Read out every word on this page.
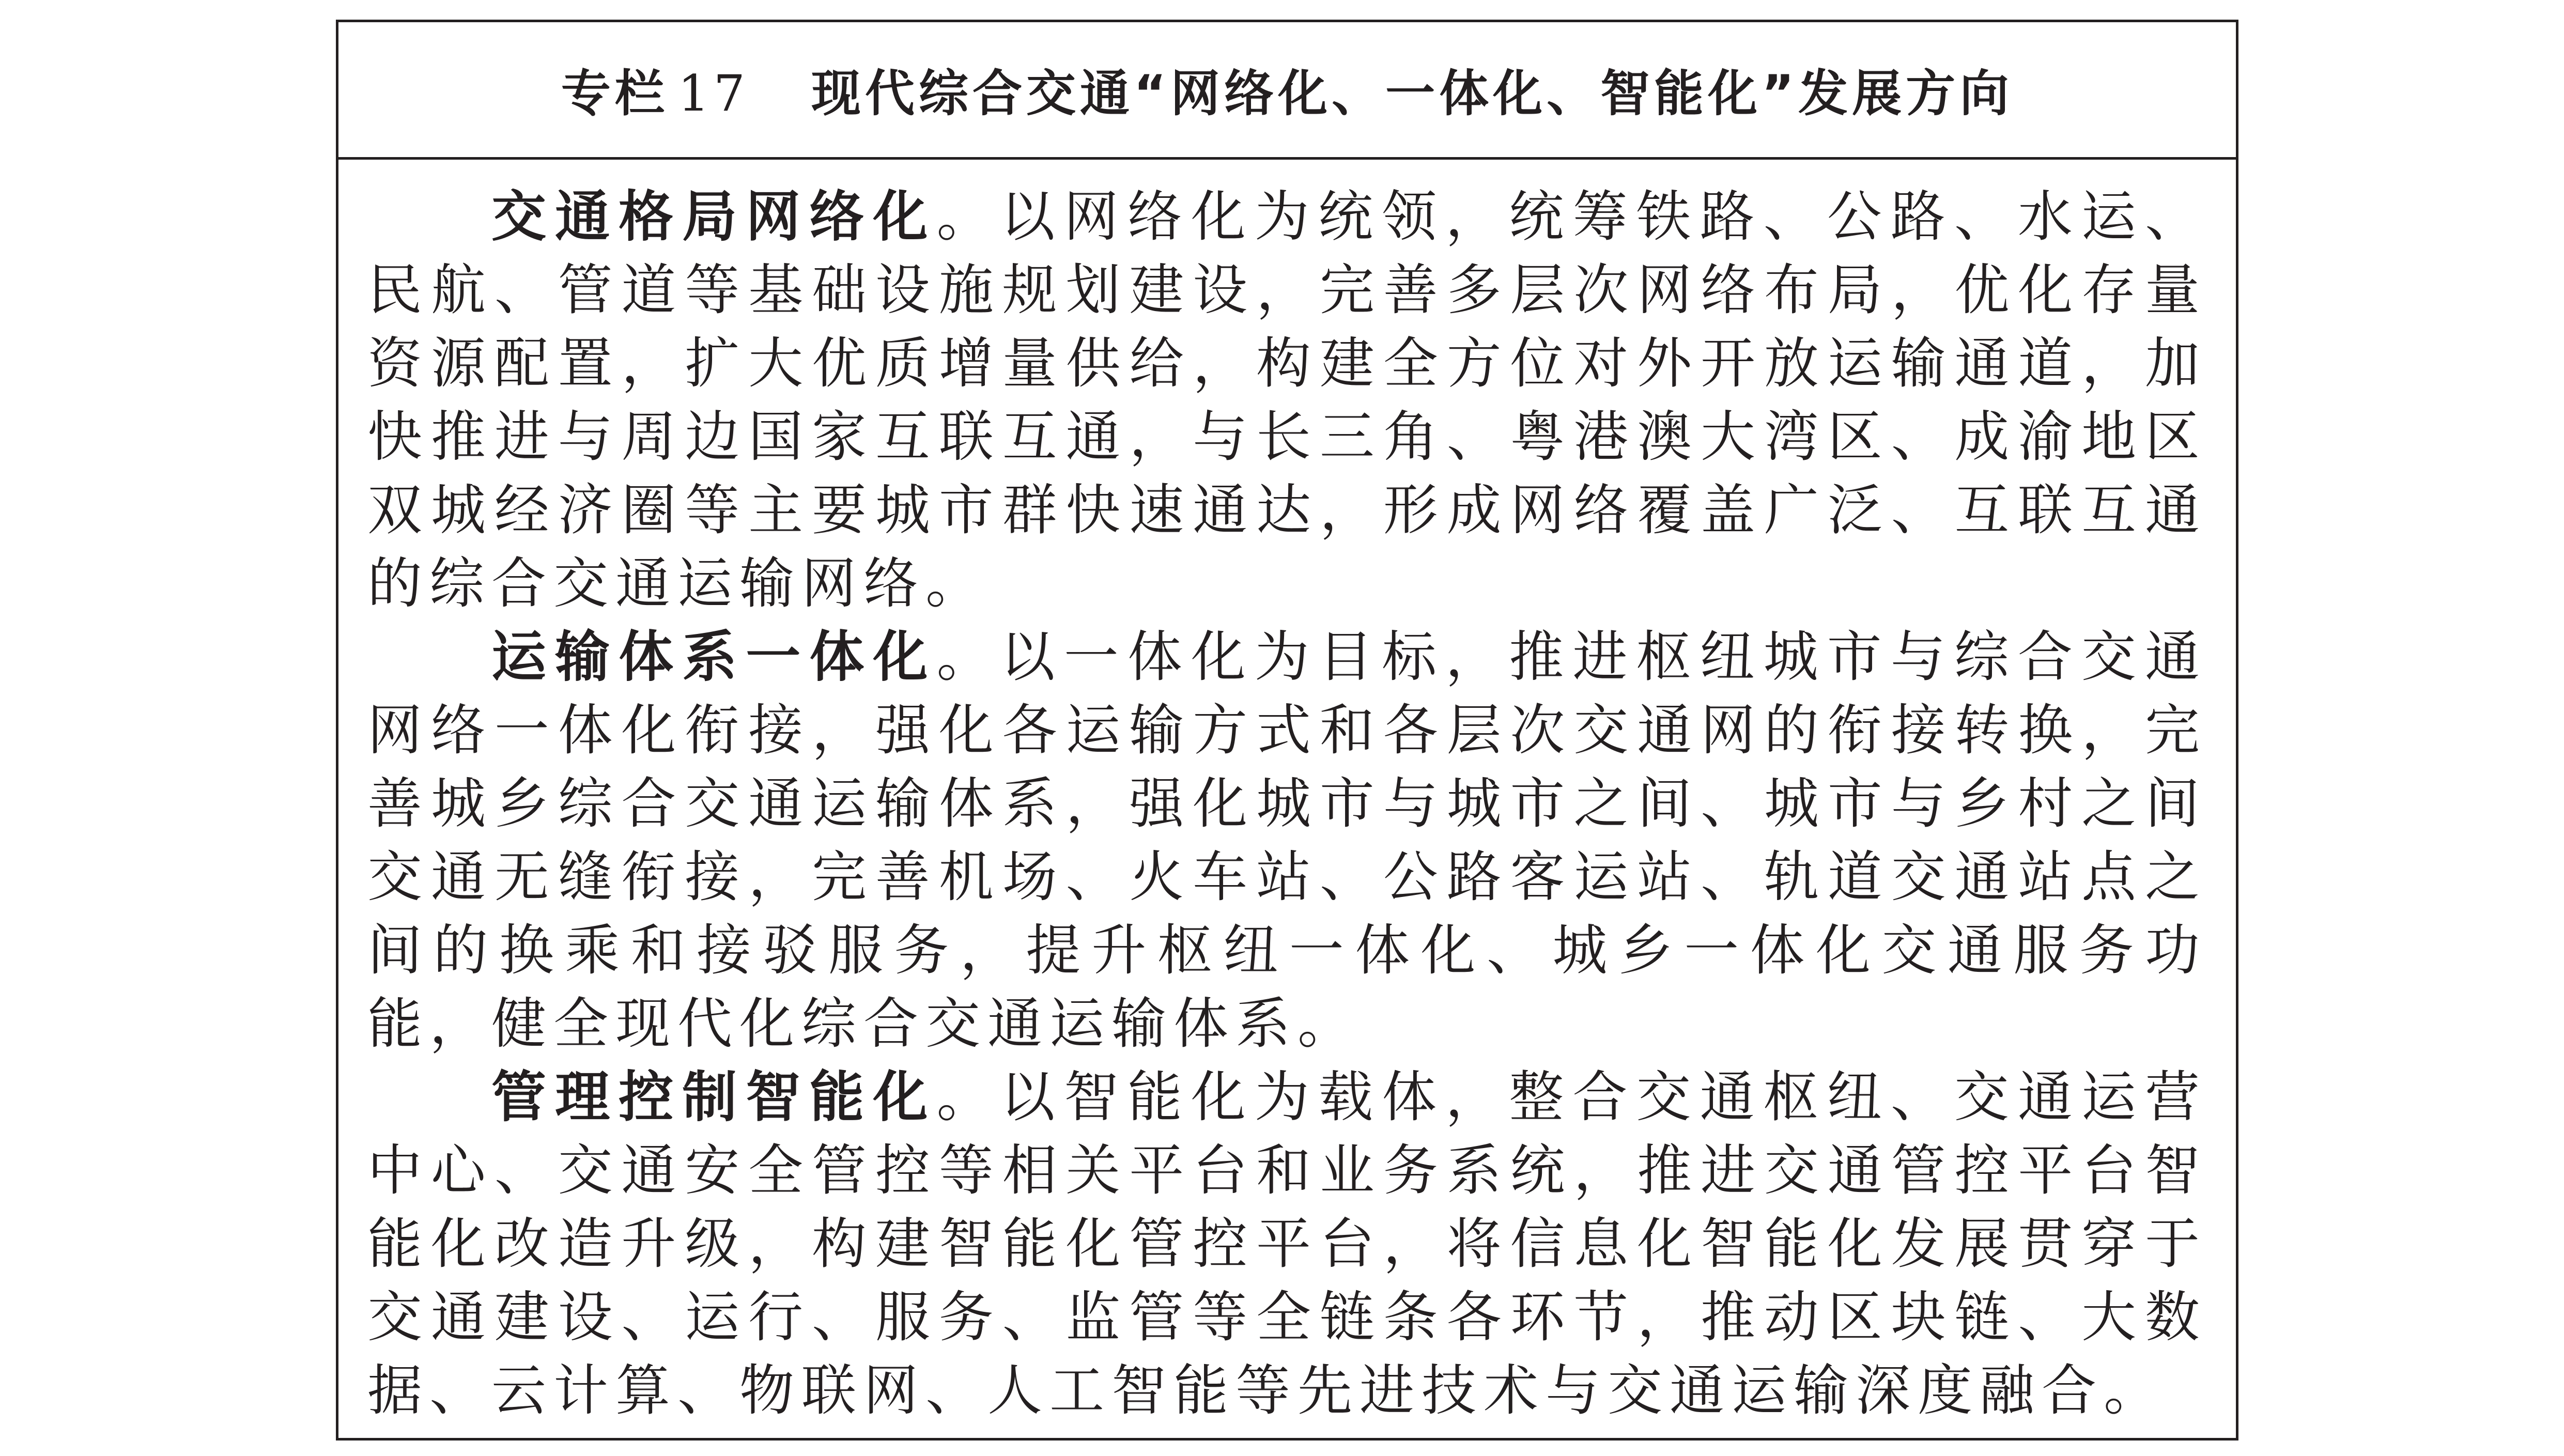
专栏 17 现代综合交通“网络化、一体化、智能化”发展方向

交通格局网络化。以网络化为统领，统筹铁路、公路、水运、民航、管道等基础设施规划建设，完善多层次网络布局，优化存量资源配置，扩大优质增量供给，构建全方位对外开放运输通道，加快推进与周边国家互联互通，与长三角、粤港澳大湾区、成渝地区双城经济圈等主要城市群快速通达，形成网络覆盖广泛、互联互通的综合交通运输网络。

运输体系一体化。以一体化为目标，推进枢纽城市与综合交通网络一体化衔接，强化各运输方式和各层次交通网的衔接转换，完善城乡综合交通运输体系，强化城市与城市之间、城市与乡村之间交通无缝衔接，完善机场、火车站、公路客运站、轨道交通站点之间的换乘和接驳服务，提升枢纽一体化、城乡一体化交通服务功能，健全现代化综合交通运输体系。

管理控制智能化。以智能化为载体，整合交通枢纽、交通运营中心、交通安全管控等相关平台和业务系统，推进交通管控平台智能化改造升级，构建智能化管控平台，将信息化智能化发展贯穿于交通建设、运行、服务、监管等全链条各环节，推动区块链、大数据、云计算、物联网、人工智能等先进技术与交通运输深度融合。
